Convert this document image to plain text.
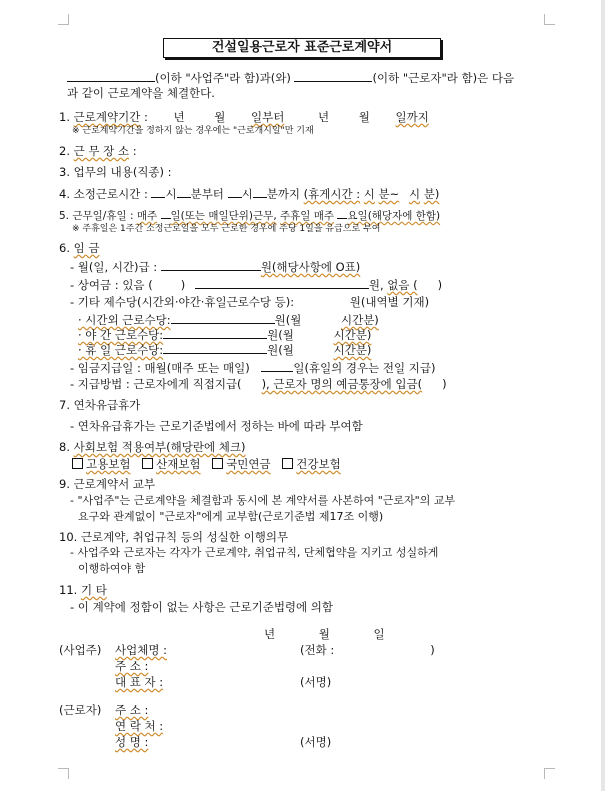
건설일용근로자 표준근로계약서
(이하 "사업주"라 함)과(와)	(이하 "근로자"라 함)은 다음
과 같이 근로계약을 체결한다.
1. 근로계약기간 : 년	월 일부터	년	월 일까지
※ 근로계약기간을 정하지 않는 경우에는 "근로개시일"만 기재
2. 근 무 장 소 :
3. 업무의 내용(직종) :
4. 소정근로시간 : 시 분부터 시 분까지 (휴게시간 : 시 분~ 시 분)
5. 근무일/휴일 : 매주 일(또는 매일단위)근무, 주휴일 매주 요일(해당자에 한함)
※ 주휴일은 1주간 소정근로일을 모두 근로한 경우에 주당 1일을 유급으로 부여
6. 임 금
- 월(일, 시간)급 :	원(해당사항에 O표)
- 상여금 : 있음 ( )	원, 없음 ( )
- 기타 제수당(시간외·야간·휴일근로수당 등):	원(내역별 기재)
· 시간외 근로수당:	원(월	시간분)
· 야 간 근로수당:	원(월	시간분)
· 휴 일 근로수당:	원(월	시간분)
- 임금지급일 : 매월(매주 또는 매일)	일(휴일의 경우는 전일 지급)
- 지급방법 : 근로자에게 직접지급( ), 근로자 명의 예금통장에 입금( )
7. 연차유급휴가
- 연차유급휴가는 근로기준법에서 정하는 바에 따라 부여함
8. 사회보험 적용여부(해당란에 체크)
고용보험 산재보험 국민연금 건강보험
9. 근로계약서 교부
- "사업주"는 근로계약을 체결함과 동시에 본 계약서를 사본하여 "근로자"의 교부
요구와 관계없이 "근로자"에게 교부함(근로기준법 제17조 이행)
10. 근로계약, 취업규칙 등의 성실한 이행의무
- 사업주와 근로자는 각자가 근로계약, 취업규칙, 단체협약을 지키고 성실하게
이행하여야 함
11. 기 타
- 이 계약에 정함이 없는 사항은 근로기준법령에 의함
년	월	일
(사업주) 사업체명 :	(전화 :	)
주 소 :
대 표 자 :	(서명)
(근로자) 주 소 :
연 락 처 :
성 명 :	(서명)
